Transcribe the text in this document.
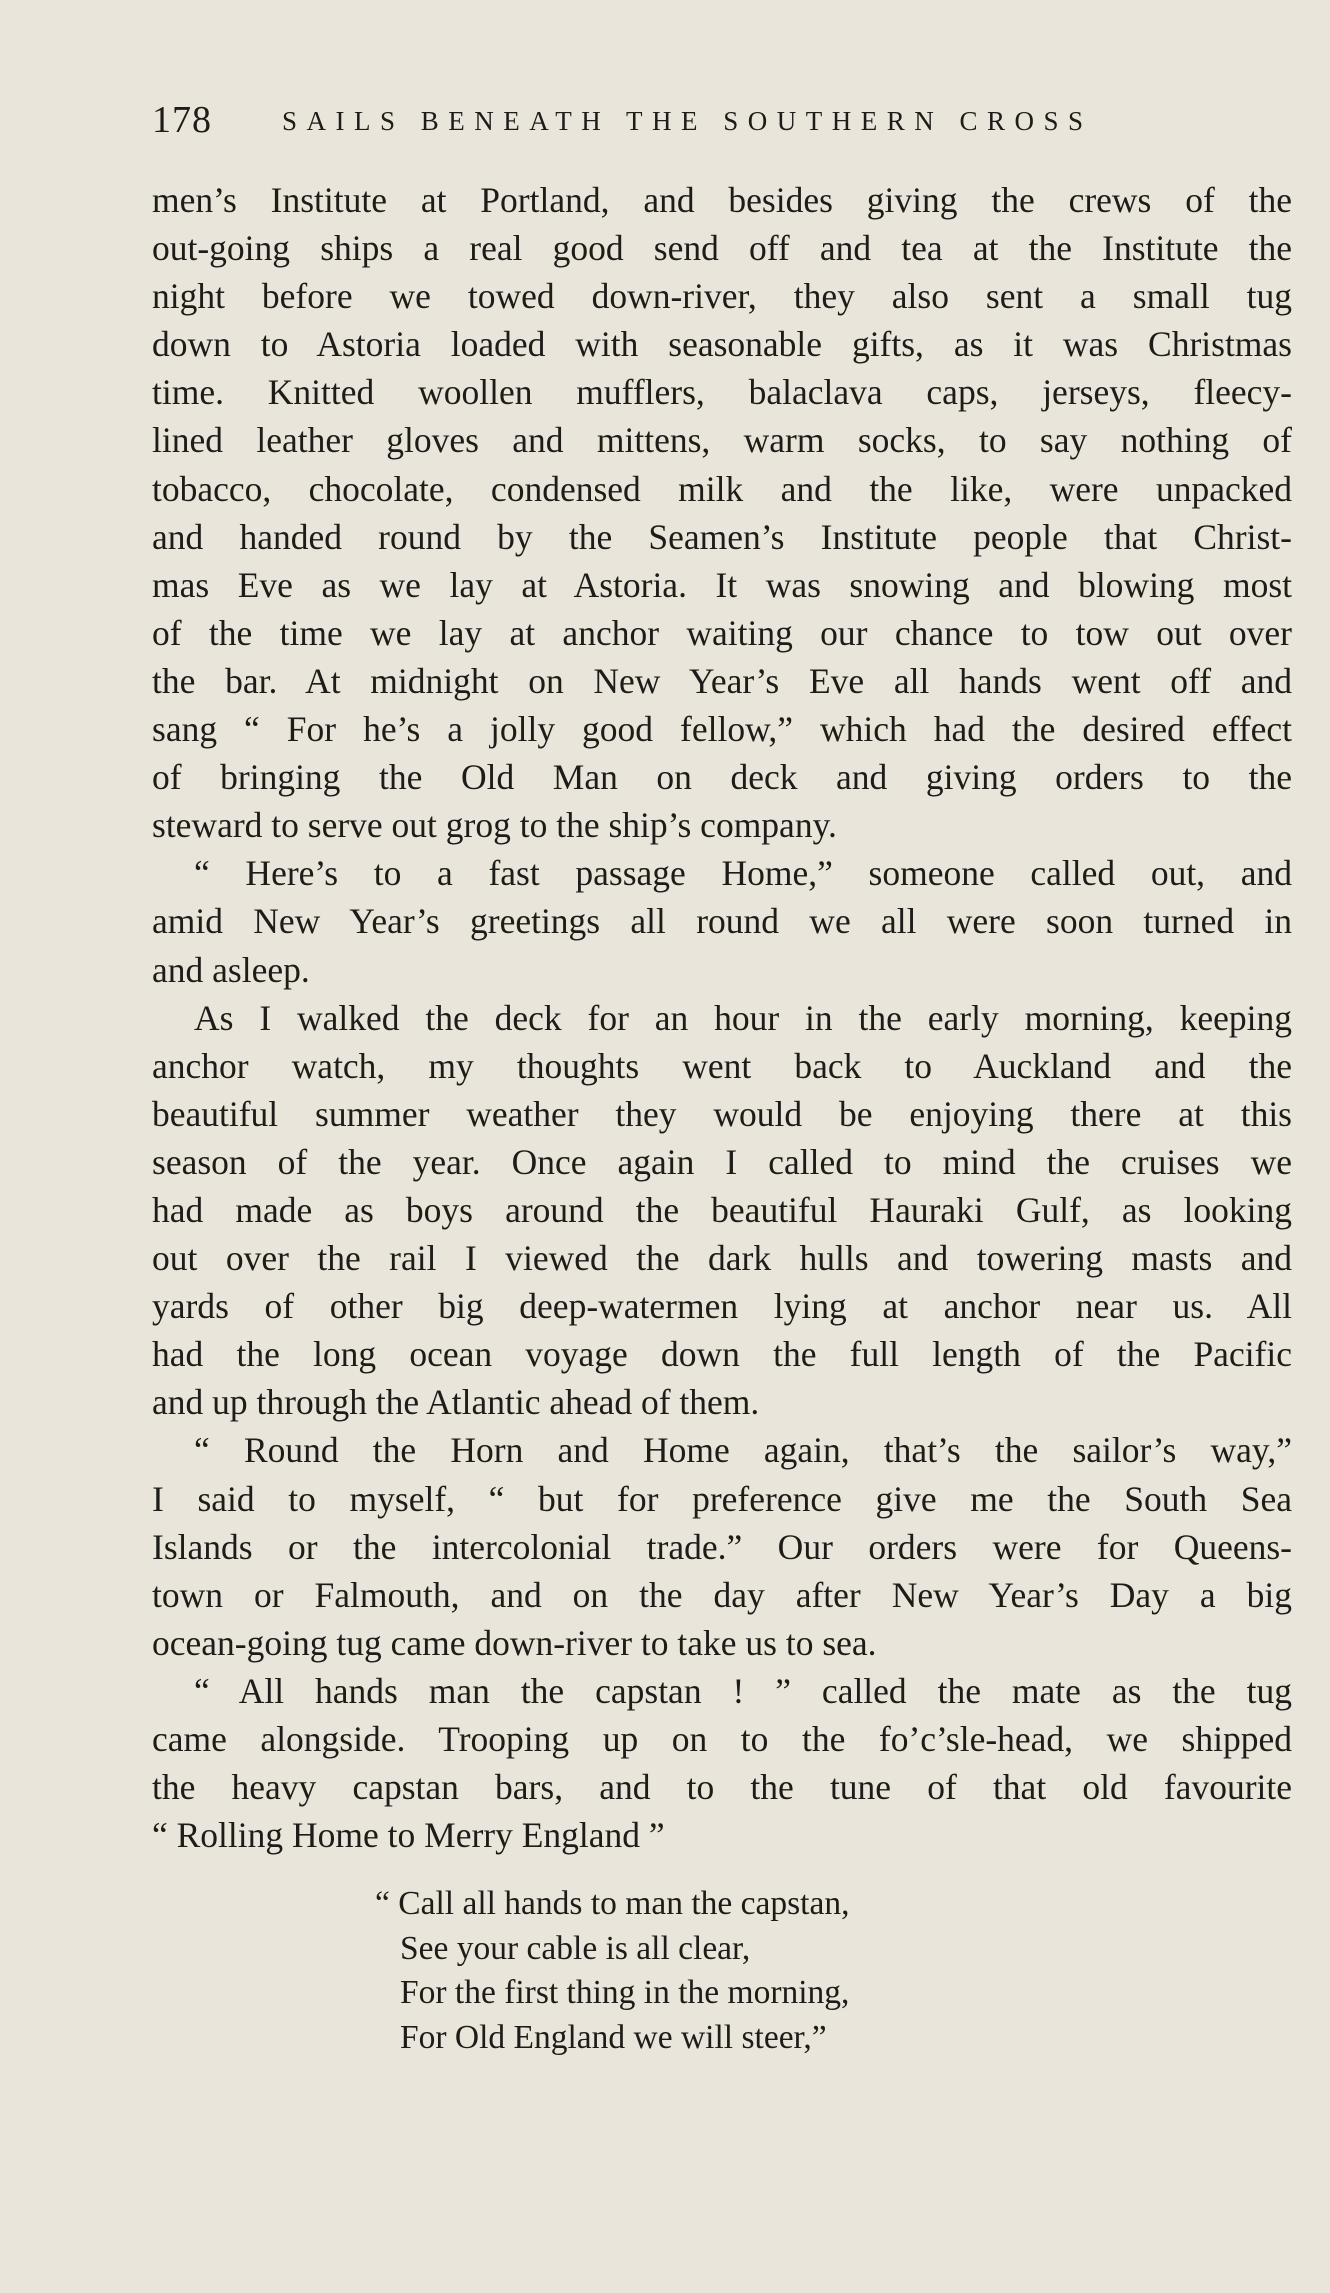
178	SAILS BENEATH THE SOUTHERN CROSS
men’s Institute at Portland, and besides giving the crews of the
out-going ships a real good send off and tea at the Institute the
night before we towed down-river, they also sent a small tug
down to Astoria loaded with seasonable gifts, as it was Christmas
time. Knitted woollen mufflers, balaclava caps, jerseys, fleecy-
lined leather gloves and mittens, warm socks, to say nothing of
tobacco, chocolate, condensed milk and the like, were unpacked
and handed round by the Seamen’s Institute people that Christ-
mas Eve as we lay at Astoria. It was snowing and blowing most
of the time we lay at anchor waiting our chance to tow out over
the bar. At midnight on New Year’s Eve all hands went off and
sang “ For he’s a jolly good fellow,” which had the desired effect
of bringing the Old Man on deck and giving orders to the
steward to serve out grog to the ship’s company.
“ Here’s to a fast passage Home,” someone called out, and
amid New Year’s greetings all round we all were soon turned in
and asleep.
As I walked the deck for an hour in the early morning, keeping
anchor watch, my thoughts went back to Auckland and the
beautiful summer weather they would be enjoying there at this
season of the year. Once again I called to mind the cruises we
had made as boys around the beautiful Hauraki Gulf, as looking
out over the rail I viewed the dark hulls and towering masts and
yards of other big deep-watermen lying at anchor near us. All
had the long ocean voyage down the full length of the Pacific
and up through the Atlantic ahead of them.
“ Round the Horn and Home again, that’s the sailor’s way,”
I said to myself, “ but for preference give me the South Sea
Islands or the intercolonial trade.” Our orders were for Queens-
town or Falmouth, and on the day after New Year’s Day a big
ocean-going tug came down-river to take us to sea.
“ All hands man the capstan ! ” called the mate as the tug
came alongside. Trooping up on to the fo’c’sle-head, we shipped
the heavy capstan bars, and to the tune of that old favourite
“ Rolling Home to Merry England ”
“ Call all hands to man the capstan,
See your cable is all clear,
For the first thing in the morning,
For Old England we will steer,”
